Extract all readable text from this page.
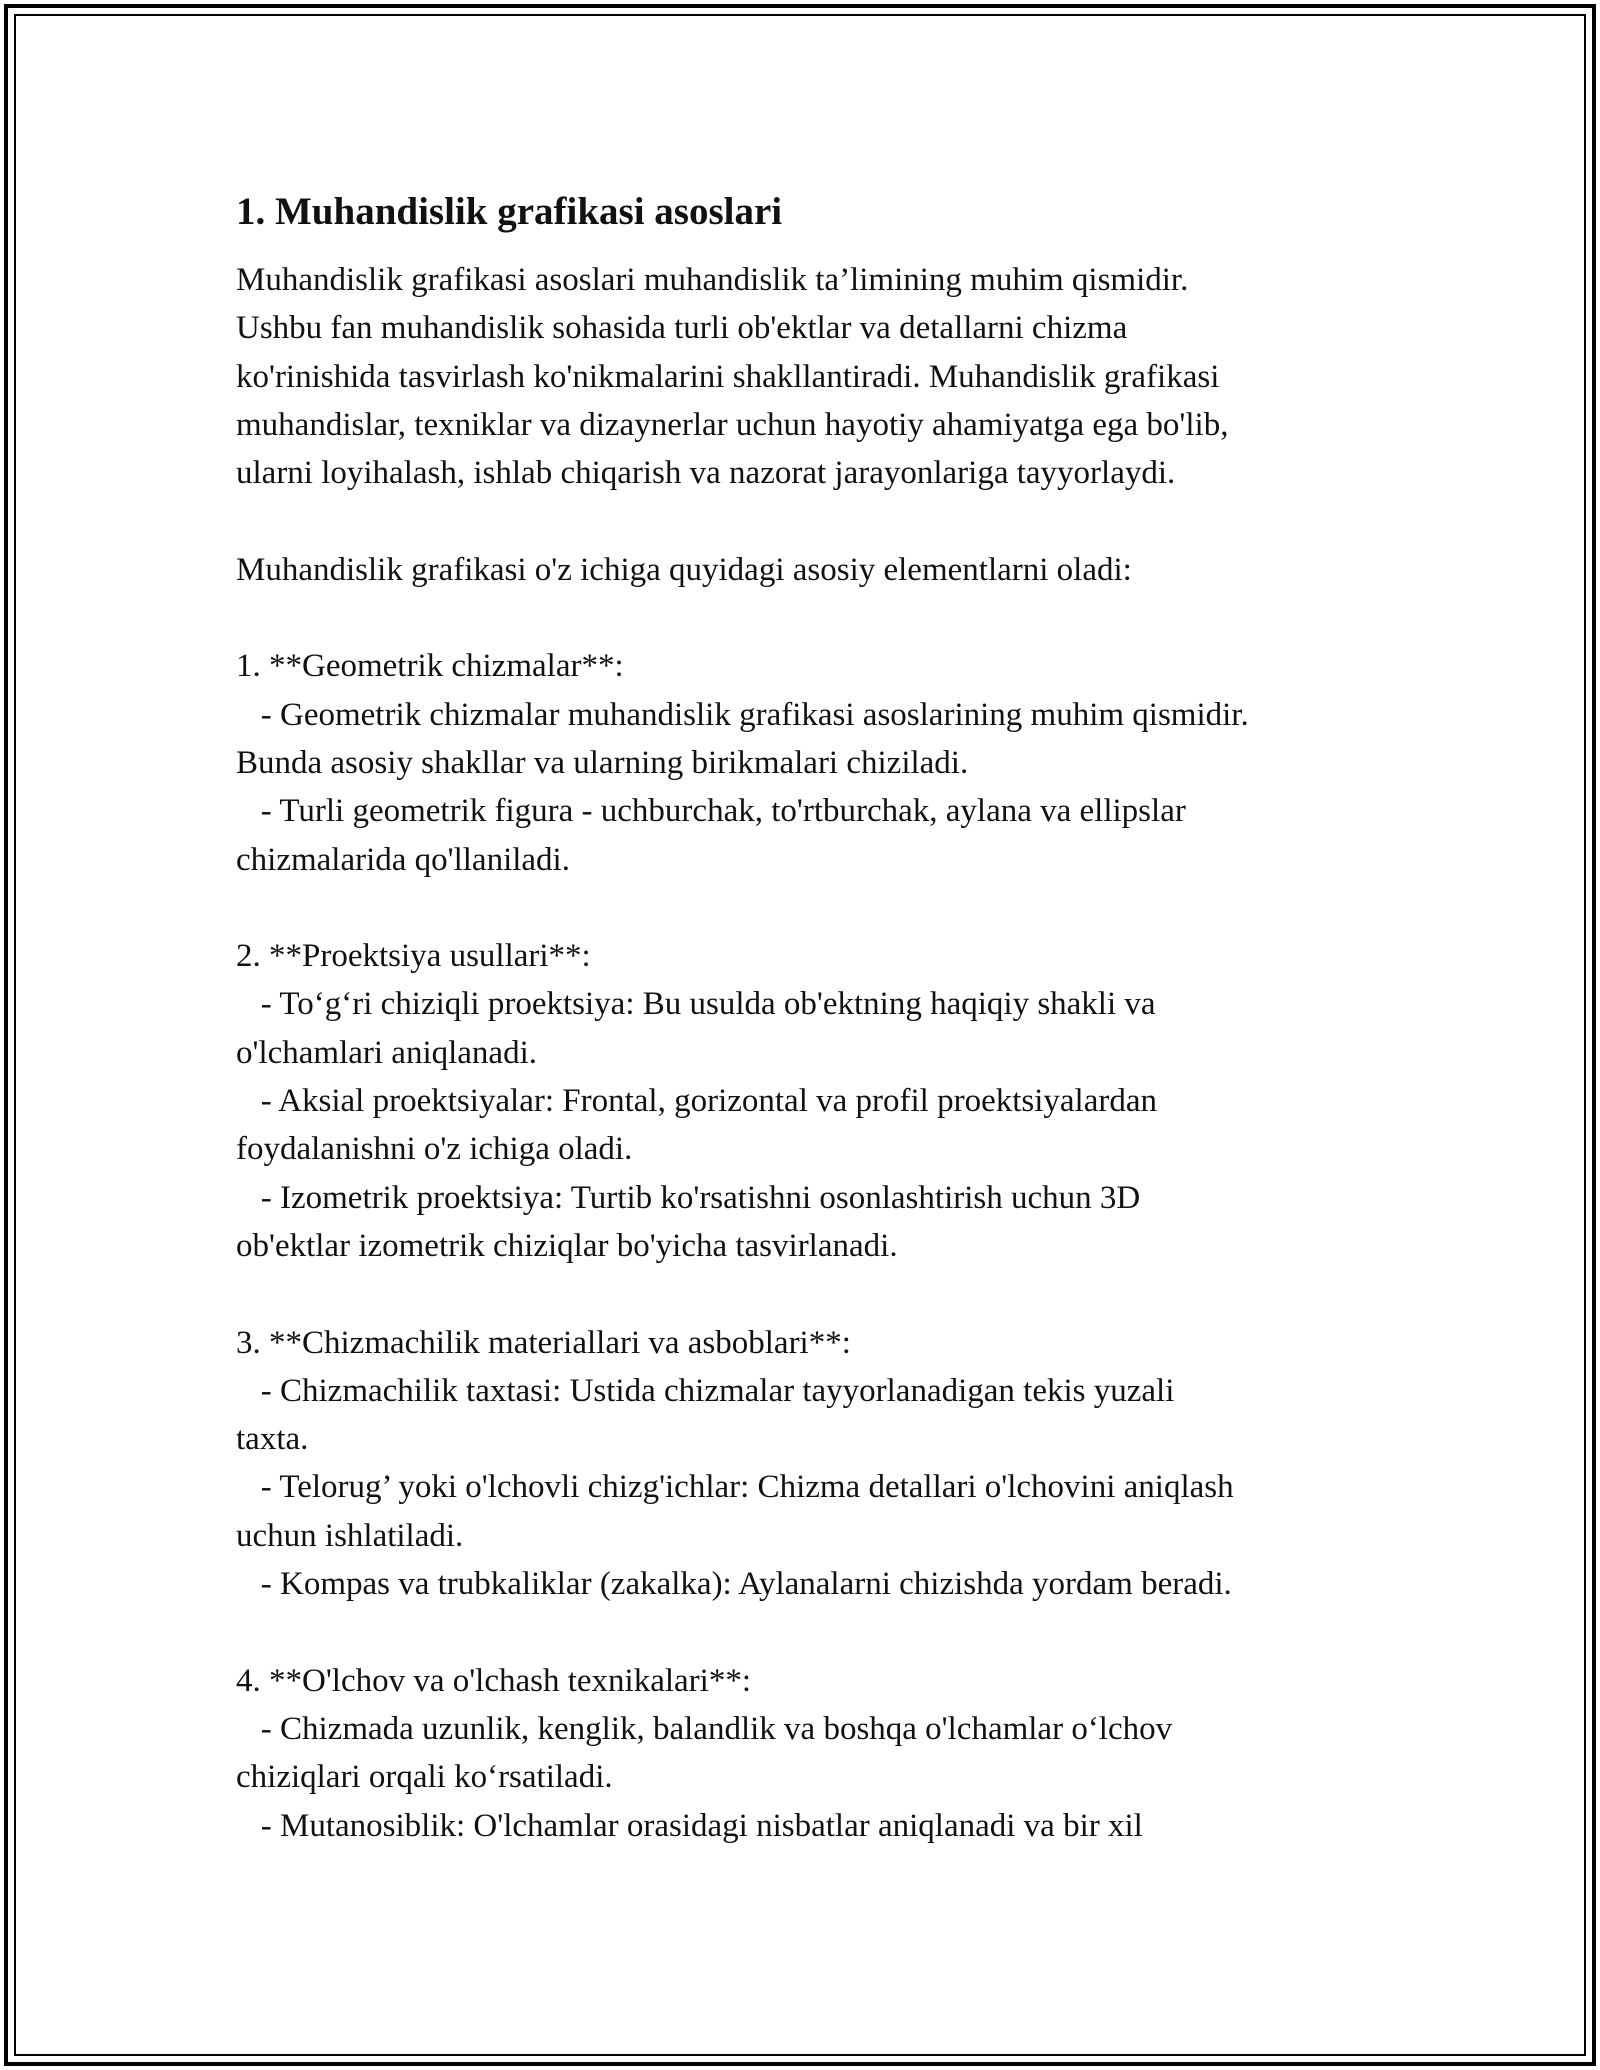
1. Muhandislik grafikasi asoslari
Muhandislik grafikasi asoslari muhandislik ta’limining muhim qismidir.
Ushbu fan muhandislik sohasida turli ob'ektlar va detallarni chizma
ko'rinishida tasvirlash ko'nikmalarini shakllantiradi. Muhandislik grafikasi
muhandislar, texniklar va dizaynerlar uchun hayotiy ahamiyatga ega bo'lib,
ularni loyihalash, ishlab chiqarish va nazorat jarayonlariga tayyorlaydi.
Muhandislik grafikasi o'z ichiga quyidagi asosiy elementlarni oladi:
1. **Geometrik chizmalar**:
- Geometrik chizmalar muhandislik grafikasi asoslarining muhim qismidir.
Bunda asosiy shakllar va ularning birikmalari chiziladi.
- Turli geometrik figura - uchburchak, to'rtburchak, aylana va ellipslar
chizmalarida qo'llaniladi.
2. **Proektsiya usullari**:
- To‘g‘ri chiziqli proektsiya: Bu usulda ob'ektning haqiqiy shakli va
o'lchamlari aniqlanadi.
- Aksial proektsiyalar: Frontal, gorizontal va profil proektsiyalardan
foydalanishni o'z ichiga oladi.
- Izometrik proektsiya: Turtib ko'rsatishni osonlashtirish uchun 3D
ob'ektlar izometrik chiziqlar bo'yicha tasvirlanadi.
3. **Chizmachilik materiallari va asboblari**:
- Chizmachilik taxtasi: Ustida chizmalar tayyorlanadigan tekis yuzali
taxta.
- Telorug’ yoki o'lchovli chizg'ichlar: Chizma detallari o'lchovini aniqlash
uchun ishlatiladi.
- Kompas va trubkaliklar (zakalka): Aylanalarni chizishda yordam beradi.
4. **O'lchov va o'lchash texnikalari**:
- Chizmada uzunlik, kenglik, balandlik va boshqa o'lchamlar o‘lchov
chiziqlari orqali ko‘rsatiladi.
- Mutanosiblik: O'lchamlar orasidagi nisbatlar aniqlanadi va bir xil
